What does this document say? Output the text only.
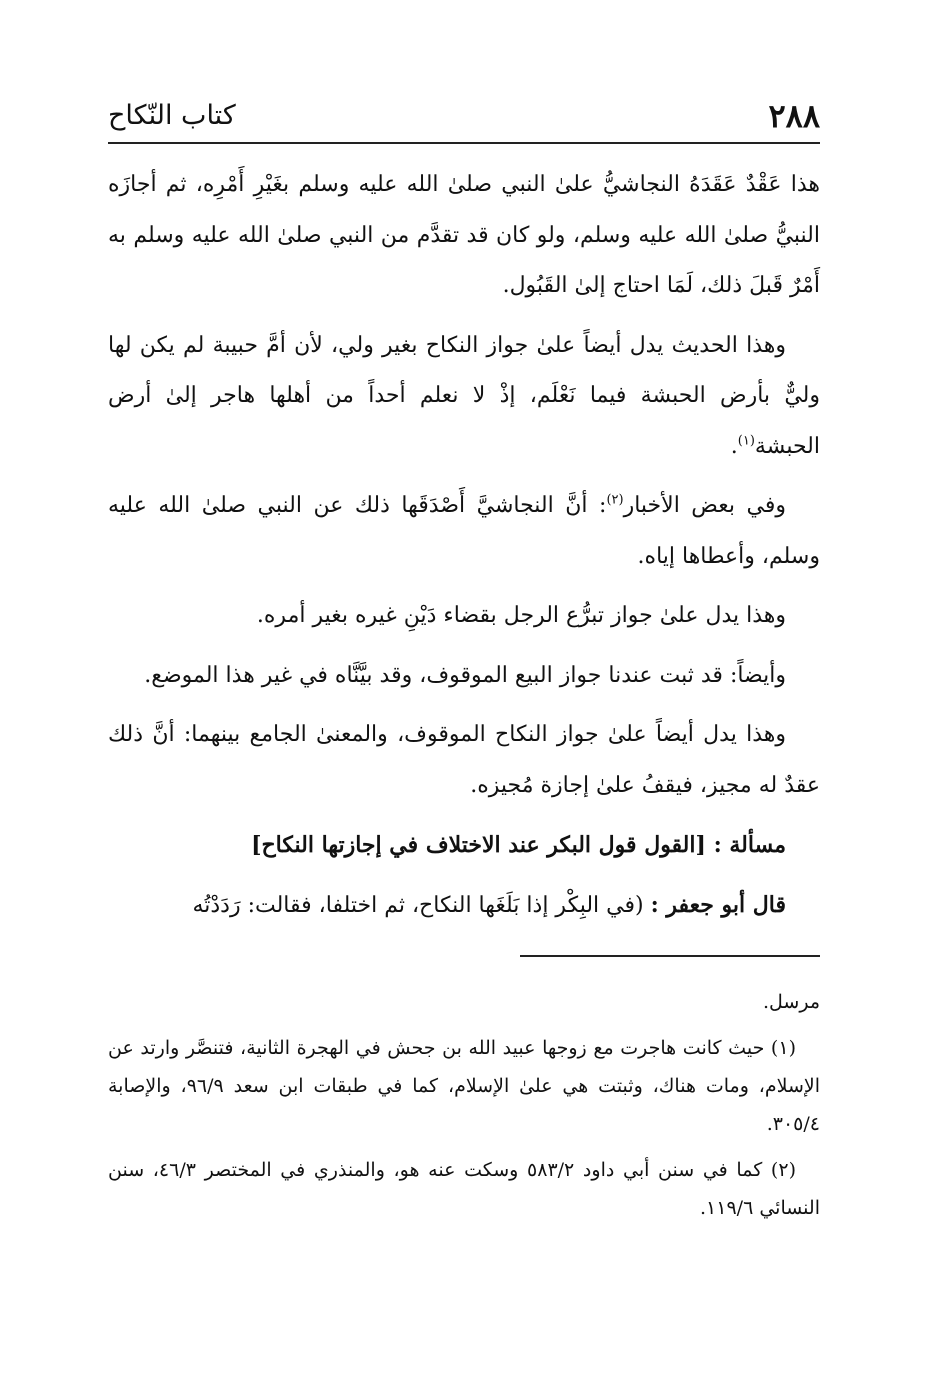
٢٨٨
كتاب النّكاح

هذا عَقْدٌ عَقَدَهُ النجاشيُّ علىٰ النبي صلىٰ الله عليه وسلم بغَيْرِ أَمْرِه، ثم أجازَه النبيُّ صلىٰ الله عليه وسلم، ولو كان قد تقدَّم من النبي صلىٰ الله عليه وسلم به أَمْرٌ قَبلَ ذلك، لَمَا احتاج إلىٰ القَبُول.

وهذا الحديث يدل أيضاً علىٰ جواز النكاح بغير ولي، لأن أمَّ حبيبة لم يكن لها وليٌّ بأرض الحبشة فيما نَعْلَم، إذْ لا نعلم أحداً من أهلها هاجر إلىٰ أرض الحبشة$^{(١)}$.

وفي بعض الأخبار$^{(٢)}$: أنَّ النجاشيَّ أَصْدَقَها ذلك عن النبي صلىٰ الله عليه وسلم، وأعطاها إياه.

وهذا يدل علىٰ جواز تبرُّع الرجل بقضاء دَيْنِ غيره بغير أمره.

وأيضاً: قد ثبت عندنا جواز البيع الموقوف، وقد بيَّنَّاه في غير هذا الموضع.

وهذا يدل أيضاً علىٰ جواز النكاح الموقوف، والمعنىٰ الجامع بينهما: أنَّ ذلك عقدٌ له مجيز، فيقفُ علىٰ إجازة مُجيزه.

مسألة : [القول قول البكر عند الاختلاف في إجازتها النكاح]

قال أبو جعفر : (في البِكْر إذا بَلَغَها النكاح، ثم اختلفا، فقالت: رَدَدْتُه

مرسل.

(١) حيث كانت هاجرت مع زوجها عبيد الله بن جحش في الهجرة الثانية، فتنصَّر وارتد عن الإسلام، ومات هناك، وثبتت هي علىٰ الإسلام، كما في طبقات ابن سعد ٩٦/٩، والإصابة ٣٠٥/٤.

(٢) كما في سنن أبي داود ٥٨٣/٢ وسكت عنه هو، والمنذري في المختصر ٤٦/٣، سنن النسائي ١١٩/٦.
